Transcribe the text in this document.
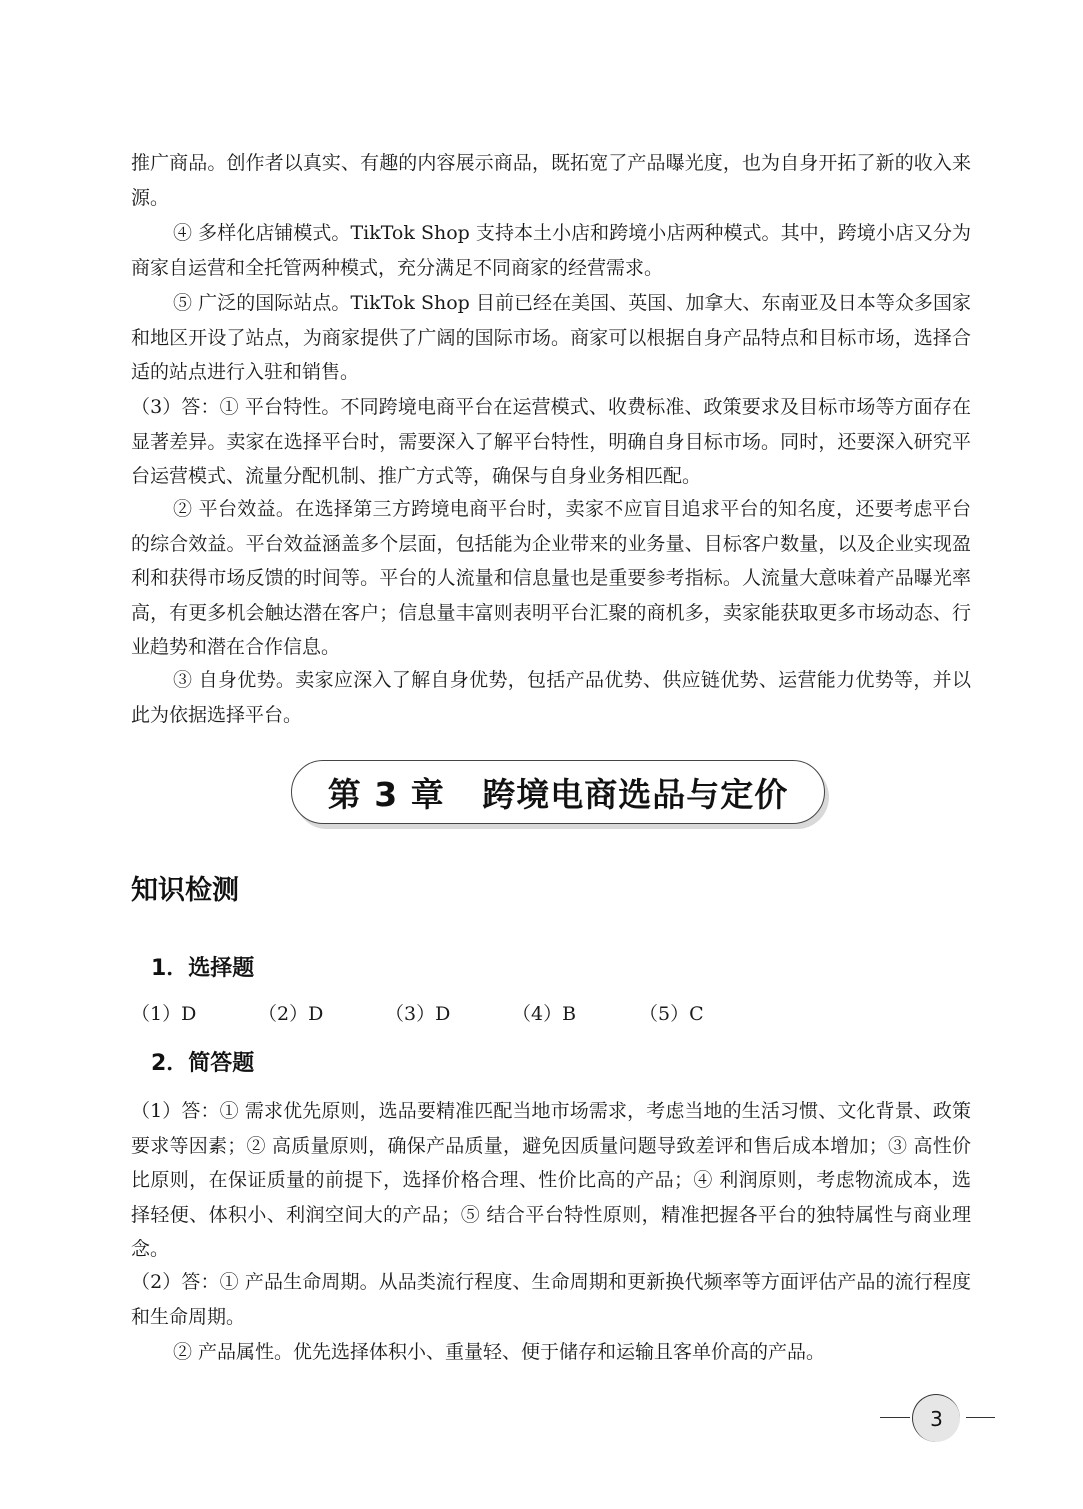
推广商品。创作者以真实、有趣的内容展示商品，既拓宽了产品曝光度，也为自身开拓了新的收入来源。

④ 多样化店铺模式。TikTok Shop 支持本土小店和跨境小店两种模式。其中，跨境小店又分为商家自运营和全托管两种模式，充分满足不同商家的经营需求。

⑤ 广泛的国际站点。TikTok Shop 目前已经在美国、英国、加拿大、东南亚及日本等众多国家和地区开设了站点，为商家提供了广阔的国际市场。商家可以根据自身产品特点和目标市场，选择合适的站点进行入驻和销售。

（3）答：① 平台特性。不同跨境电商平台在运营模式、收费标准、政策要求及目标市场等方面存在显著差异。卖家在选择平台时，需要深入了解平台特性，明确自身目标市场。同时，还要深入研究平台运营模式、流量分配机制、推广方式等，确保与自身业务相匹配。

② 平台效益。在选择第三方跨境电商平台时，卖家不应盲目追求平台的知名度，还要考虑平台的综合效益。平台效益涵盖多个层面，包括能为企业带来的业务量、目标客户数量，以及企业实现盈利和获得市场反馈的时间等。平台的人流量和信息量也是重要参考指标。人流量大意味着产品曝光率高，有更多机会触达潜在客户；信息量丰富则表明平台汇聚的商机多，卖家能获取更多市场动态、行业趋势和潜在合作信息。

③ 自身优势。卖家应深入了解自身优势，包括产品优势、供应链优势、运营能力优势等，并以此为依据选择平台。

第 3 章   跨境电商选品与定价
知识检测
1．选择题
（1）D	（2）D	（3）D	（4）B	（5）C
2．简答题

（1）答：① 需求优先原则，选品要精准匹配当地市场需求，考虑当地的生活习惯、文化背景、政策要求等因素；② 高质量原则，确保产品质量，避免因质量问题导致差评和售后成本增加；③ 高性价比原则，在保证质量的前提下，选择价格合理、性价比高的产品；④ 利润原则，考虑物流成本，选择轻便、体积小、利润空间大的产品；⑤ 结合平台特性原则，精准把握各平台的独特属性与商业理念。

（2）答：① 产品生命周期。从品类流行程度、生命周期和更新换代频率等方面评估产品的流行程度和生命周期。

② 产品属性。优先选择体积小、重量轻、便于储存和运输且客单价高的产品。

3
